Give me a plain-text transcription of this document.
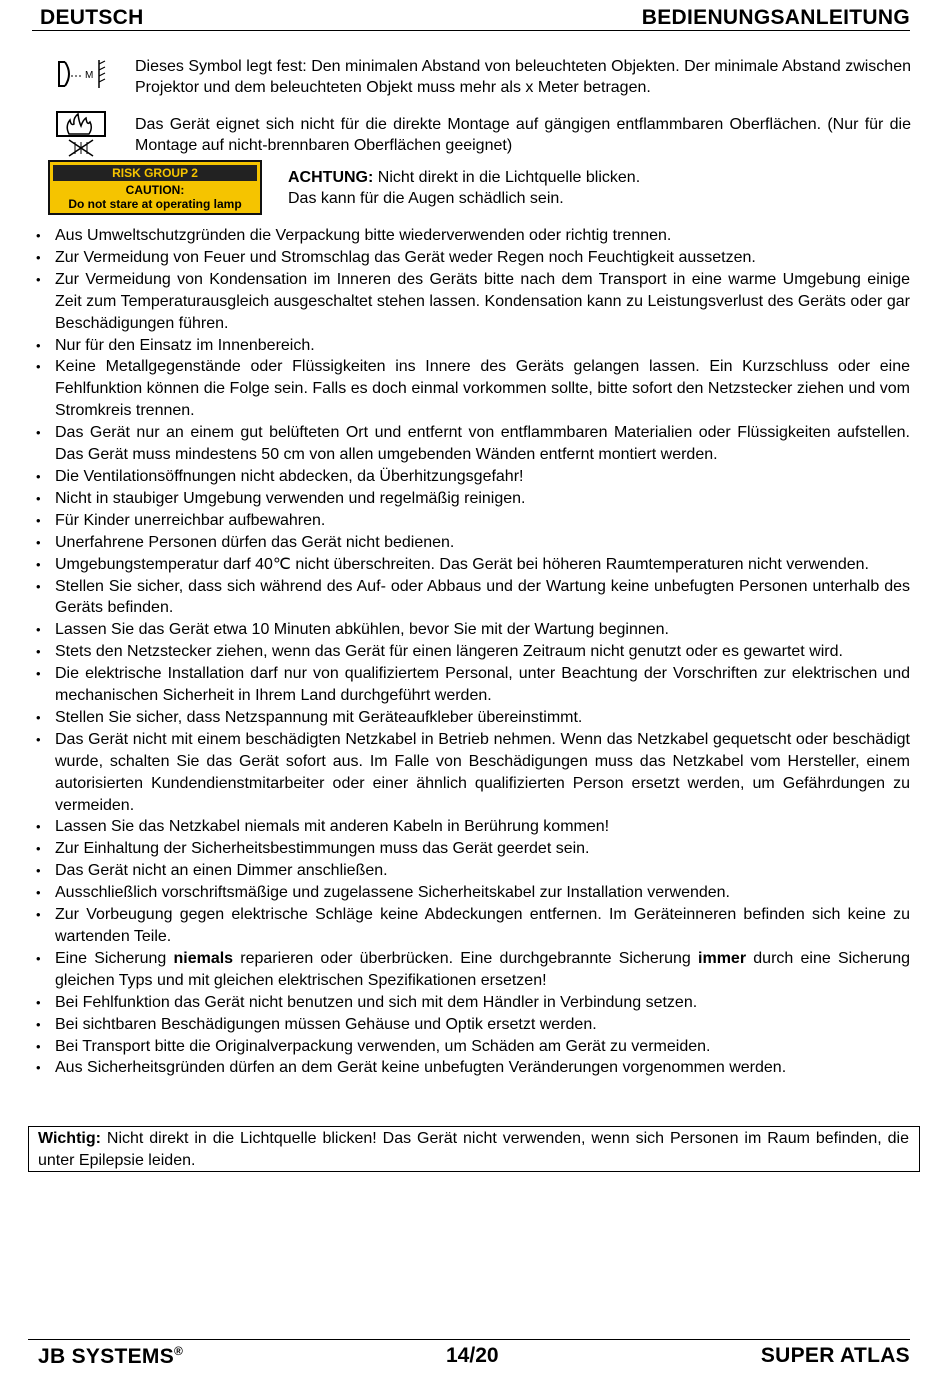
DEUTSCH	BEDIENUNGSANLEITUNG
M
Dieses Symbol legt fest: Den minimalen Abstand von beleuchteten Objekten. Der minimale Abstand zwischen Projektor und dem beleuchteten Objekt muss mehr als x Meter betragen.
Das Gerät eignet sich nicht für die direkte Montage auf gängigen entflammbaren Oberflächen. (Nur für die Montage auf nicht-brennbaren Oberflächen geeignet)
RISK GROUP 2
CAUTION:
Do not stare at operating lamp
ACHTUNG: Nicht direkt in die Lichtquelle blicken.
Das kann für die Augen schädlich sein.
• Aus Umweltschutzgründen die Verpackung bitte wiederverwenden oder richtig trennen.
• Zur Vermeidung von Feuer und Stromschlag das Gerät weder Regen noch Feuchtigkeit aussetzen.
• Zur Vermeidung von Kondensation im Inneren des Geräts bitte nach dem Transport in eine warme Umgebung einige Zeit zum Temperaturausgleich ausgeschaltet stehen lassen. Kondensation kann zu Leistungsverlust des Geräts oder gar Beschädigungen führen.
• Nur für den Einsatz im Innenbereich.
• Keine Metallgegenstände oder Flüssigkeiten ins Innere des Geräts gelangen lassen. Ein Kurzschluss oder eine Fehlfunktion können die Folge sein. Falls es doch einmal vorkommen sollte, bitte sofort den Netzstecker ziehen und vom Stromkreis trennen.
• Das Gerät nur an einem gut belüfteten Ort und entfernt von entflammbaren Materialien oder Flüssigkeiten aufstellen. Das Gerät muss mindestens 50 cm von allen umgebenden Wänden entfernt montiert werden.
• Die Ventilationsöffnungen nicht abdecken, da Überhitzungsgefahr!
• Nicht in staubiger Umgebung verwenden und regelmäßig reinigen.
• Für Kinder unerreichbar aufbewahren.
• Unerfahrene Personen dürfen das Gerät nicht bedienen.
• Umgebungstemperatur darf 40℃ nicht überschreiten. Das Gerät bei höheren Raumtemperaturen nicht verwenden.
• Stellen Sie sicher, dass sich während des Auf- oder Abbaus und der Wartung keine unbefugten Personen unterhalb des Geräts befinden.
• Lassen Sie das Gerät etwa 10 Minuten abkühlen, bevor Sie mit der Wartung beginnen.
• Stets den Netzstecker ziehen, wenn das Gerät für einen längeren Zeitraum nicht genutzt oder es gewartet wird.
• Die elektrische Installation darf nur von qualifiziertem Personal, unter Beachtung der Vorschriften zur elektrischen und mechanischen Sicherheit in Ihrem Land durchgeführt werden.
• Stellen Sie sicher, dass Netzspannung mit Geräteaufkleber übereinstimmt.
• Das Gerät nicht mit einem beschädigten Netzkabel in Betrieb nehmen. Wenn das Netzkabel gequetscht oder beschädigt wurde, schalten Sie das Gerät sofort aus. Im Falle von Beschädigungen muss das Netzkabel vom Hersteller, einem autorisierten Kundendienstmitarbeiter oder einer ähnlich qualifizierten Person ersetzt werden, um Gefährdungen zu vermeiden.
• Lassen Sie das Netzkabel niemals mit anderen Kabeln in Berührung kommen!
• Zur Einhaltung der Sicherheitsbestimmungen muss das Gerät geerdet sein.
• Das Gerät nicht an einen Dimmer anschließen.
• Ausschließlich vorschriftsmäßige und zugelassene Sicherheitskabel zur Installation verwenden.
• Zur Vorbeugung gegen elektrische Schläge keine Abdeckungen entfernen. Im Geräteinneren befinden sich keine zu wartenden Teile.
• Eine Sicherung niemals reparieren oder überbrücken. Eine durchgebrannte Sicherung immer durch eine Sicherung gleichen Typs und mit gleichen elektrischen Spezifikationen ersetzen!
• Bei Fehlfunktion das Gerät nicht benutzen und sich mit dem Händler in Verbindung setzen.
• Bei sichtbaren Beschädigungen müssen Gehäuse und Optik ersetzt werden.
• Bei Transport bitte die Originalverpackung verwenden, um Schäden am Gerät zu vermeiden.
• Aus Sicherheitsgründen dürfen an dem Gerät keine unbefugten Veränderungen vorgenommen werden.
Wichtig: Nicht direkt in die Lichtquelle blicken! Das Gerät nicht verwenden, wenn sich Personen im Raum befinden, die unter Epilepsie leiden.
JB SYSTEMS®	14/20	SUPER ATLAS
